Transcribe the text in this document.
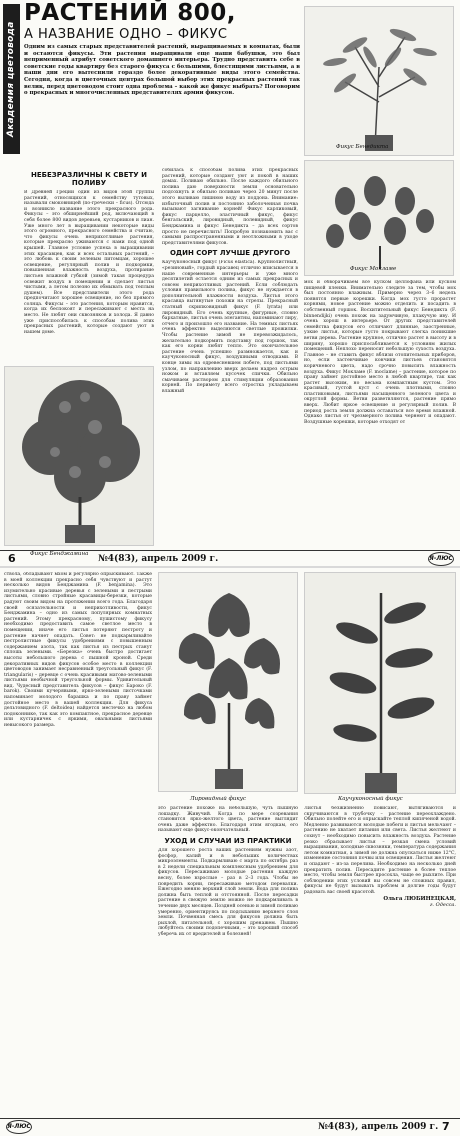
Академия цветовода
РАСТЕНИЙ 800,
А НАЗВАНИЕ ОДНО – ФИКУС
Одним из самых старых представителей растений, выращиваемых в комнатах, были и остаются фикусы. Эти растения выращивали еще наши бабушки, это был неприменный атрибут советского домашнего интерьера. Трудно представить себе в советские годы квартиру без старого фикуса с большими, блестящими листьями, а в наши дни его вытеснили гораздо более декоративные виды этого семейства. Сегодня, когда в цветочных центрах большой выбор этих прекрасных растений так велик, перед цветоводом стоит одна проблема – какой же фикус выбрать? Поговорим о прекрасных и многочисленных представителях армии фикусов.
Фикус Бенедикта
НЕБЕЗРАЗЛИЧНЫ К СВЕТУ И ПОЛИВУ
В Древней Греции один из видов этой группы растений, относящихся к семейству тутовых, называли смоковницей (по-гречески – ficus). Отсюда и возникло название этого прекрасного рода. Фикусы – это обширнейший род, включающий в себя более 800 видов деревьев, кустарников и лиан. Уже много лет в выращивании некоторые виды этого огромного, прекрасного семейства и считаю, что фикусы очень неприхотливые растения, которые прекрасно уживаются с нами под одной крышей. Главное условие успеха в выращивании этих красавцев, как и всех остальных растений, – это любовь к своим зеленым питомцам, хорошее освещение, регулярный полив и подкормки, повышенная влажность воздуха, протирание листьев влажной губкой (зимой такая процедура освежит воздух в помещении и сделает листья чистыми, а летом полезно их обмывать под теплым душем). Все представители этого рода предпочитают хорошее освещение, но без прямого солнца. Фикусы – это растения, которым нравится, когда их беспокоят и пересаживают с места на место. Не любят они сквозняков и холода. Я давно уже приспособилась к способам полива этих прекрасных растений, которые создают уют в нашем доме.
Фикус Бенджамина
собилась к способам полива этих прекрасных растений, которые создают уют и покой в наших домах. Поливаю обильно. После каждого обильного полива даю поверхности земли основательно подсохнуть и обильно поливаю через 20 минут после этого выливаю лишнюю воду из поддона. Внимание: избыточный полив и постоянно заболоченная почва вызывают загнивание корней! Фикус карликовый, фикус парцелло, эластичный фикус, фикус бенгальский, лировидный, полевидный, фикус Бенджамина и фикус Бенедикта – да всех сортов просто не перечислить! Попробую познакомить вас с самыми распространенными и неотложными в уходе представителями фикусов.
ОДИН СОРТ ЛУЧШЕ ДРУГОГО
Каучуконосный фикус (Ficus elastica). Крупнолистный, «резиновый», гордый красавец отлично вписывается в наше современные интерьеры и уже много десятилетий остается одним из самых прекрасных и совсем неприхотливых растений. Если соблюдать условия правильного полива, фикус не нуждается в дополнительной влажности воздуха. Листья этого красавца вытянутые похожи на стрелы. Прекрасный статный скрипковидный фикус (F. lyrata) или лировидный. Его очень крупные, фигурные, словно бархатные, листья очень элегантны, напоминают лиру, отчего и произошло его название. На темных листьях очень эффектно выделяются светлые прожилки. Чтобы растение зимой не перевозжидалось, желательно подкормить подставку под горшок, так как его корни любят тепло. Это окончательное растение очень успешно размножается, как и каучуконосный фикус, воздушными отводками. В конце зимы на одревесневшем побеге, под листьями узлом, по направлению вверх делаем надрез острым ножом и вставляем кусочек спички. Обильно смачиваем раствором для стимуляции образования корней. По перимету всего отростка укладываем влажный
Фикус Мокламе
мох и обворачиваем всё куском целлофана или куском пищевой пленки. Внимательно следите за тем, чтобы мох был постоянно влажным. Примерно через 3–6 недель появятся первые корешки. Когда мох густо прорастет корнями, новое растение можно отделить и посадить в собственный горшок. Восхитительный фикус Бенедикта (F. binnendijki) очень похож на задумчивую, плакучую иву. И очень хорош в интерьере. От других представителей семейства фикусов его отличают длинные, заостренные, узкие листья, которые густо покрывают слегка поникшие ветви дерева. Растение крупное, отлично растет в высоту и в ширину, хорошо приспосабливается к условиям жилых помещений. Неплохо переносит небольшую сухость воздуха. Главное – не ставить фикус вблизи отопительных приборов, но, если застенчивые кончики листьев становятся коричневого цвета, надо срочно повысить влажность воздуха. Фикус Мокламе (F. moclame) – растение, которое по праву займет достойное место в любой квартире, так как растет высоким, но весьма компактным кустом. Это красивый, густой куст с очень плотными, словно пластиковыми, листьями насыщенного зеленого цвета и округлой формы. Ветви разветвляются, растение прямо вверх. Любит яркое освещение и регулярный полив. В период роста земля должна оставаться все время влажной. Однако листья от чрезмерного полива чернеют и опадают. Воздушные корешки, которые отходят от
6	№4(83), апрель 2009 г.	Я-ЛЮС
ствола, обладывают мхом и регулярно опрыскивают. Также в моей коллекции прекрасно себя чувствуют и растут несколько видов Бенджамина (F. benjamina). Это изумительно красивые деревья с зелеными и пестрыми листьями, словно стройные красавицы-березки, которые радуют своим видом на протяжении всего года. Благодаря своей осязательности и неприхотливости, фикус Бенджамина – одно из самых популярных комнатных растений. Этому прекрасному, пушистому фикусу необходимо предоставить самое светлое место в помещении, иначе его листья потеряют пестроту и растение начнет опадать. Совет: не подкармливайте пестролистные фикусы удобрениями с повышенным содержанием азота, так как листья из пестрых станут сплошь зелеными. «Березка» очень быстро достигает высоты небольшого дерева с пышной кроной. Среди декоративных видов фикусов особое место в коллекции цветоводов занимает несравненный треугольный фикус (F. triangularis) – деревце с очень красивыми матово-зелеными листьями необычной треугольной формы. Удивительный вид. Чудесный представитель фикусов – фикус Бароко (F. barok). Своими кучерявыми, ярко-зелеными листочками напоминает молодого барашка и по праву займет достойное место в вашей коллекции. Для фикуса дельтовидного (F. deltoidea) найдется местечко на любом подоконнике, так как это компактное, прекрасное деревце или кустарничек с яркими, овальными листьями невысокого размера.
Лировидный фикус	Каучуконосный фикус
это растение похоже на небольшую, чуть пышную лошадку. Живучий. Когда по мере созревания становится ярко-желтого цвета, растение выглядит очень даже эффектно. Благодаря этим ягодкам, его называют еще фикус-окончательный.
УХОД И СЛУЧАИ ИЗ ПРАКТИКИ
Для хорошего роста ваших растениям нужны азот, фосфор, калий и в небольших количествах микроэлементы. Подкармливаю с марта по октябрь раз в 2 недели специальным комплексным удобрением для фикусов. Пересаживаю молодые растения каждую весну, более взрослые – раз в 2–3 года. Чтобы не повредить корни, пересаживаю методом перевалки. Ежегодно меняю верхний слой земли. Вода для полива должна быть теплой и отстоянной. После пересадки растение в свежую землю можно не подкармливать в течение двух месяцев. Поздней осенью и зимой поливаю умеренно, ориентируясь по подсыханию верхнего слоя земли. Почвенная смесь для фикусов должна быть рыхлой, питательной, с хорошим дренажем. Пышно любуйтесь своими подопечными, – это хороший способ уберечь их от вредителей и болезней!
Листья безжизненно повисают, вытягиваются и скручиваются в трубочку – растение переохлаждено. Обильно полейте его и опрыскайте теплой кипяченой водой. Медленно развиваются молодые побеги и листья мельчают – растению не хватает питания или света. Листья желтеют и сохнут – необходимо повысить влажность воздуха. Растение резко сбрасывает листья – резкая смена условий выращивания, холодные сквозняки, температура содержания летом комнатная, а зимой не должна опускаться ниже 12°С, изменение состояния почвы или освещения. Листья желтеют и опадают – из-за перелива. Необходимо на несколько дней прекратить полив. Пересадите растение в более теплое место, чтобы земля быстрее просохла, чаще ее рыхлите. При соблюдении этих условий вы совсем не сложных правил, фикусы не будут вызывать проблем и долгие годы будут радовать вас своей красотой.
Ольга ЛЮБИНЕЦКАЯ,
г. Одесса.
Я-ЛЮС	№4(83), апрель 2009 г. 7
